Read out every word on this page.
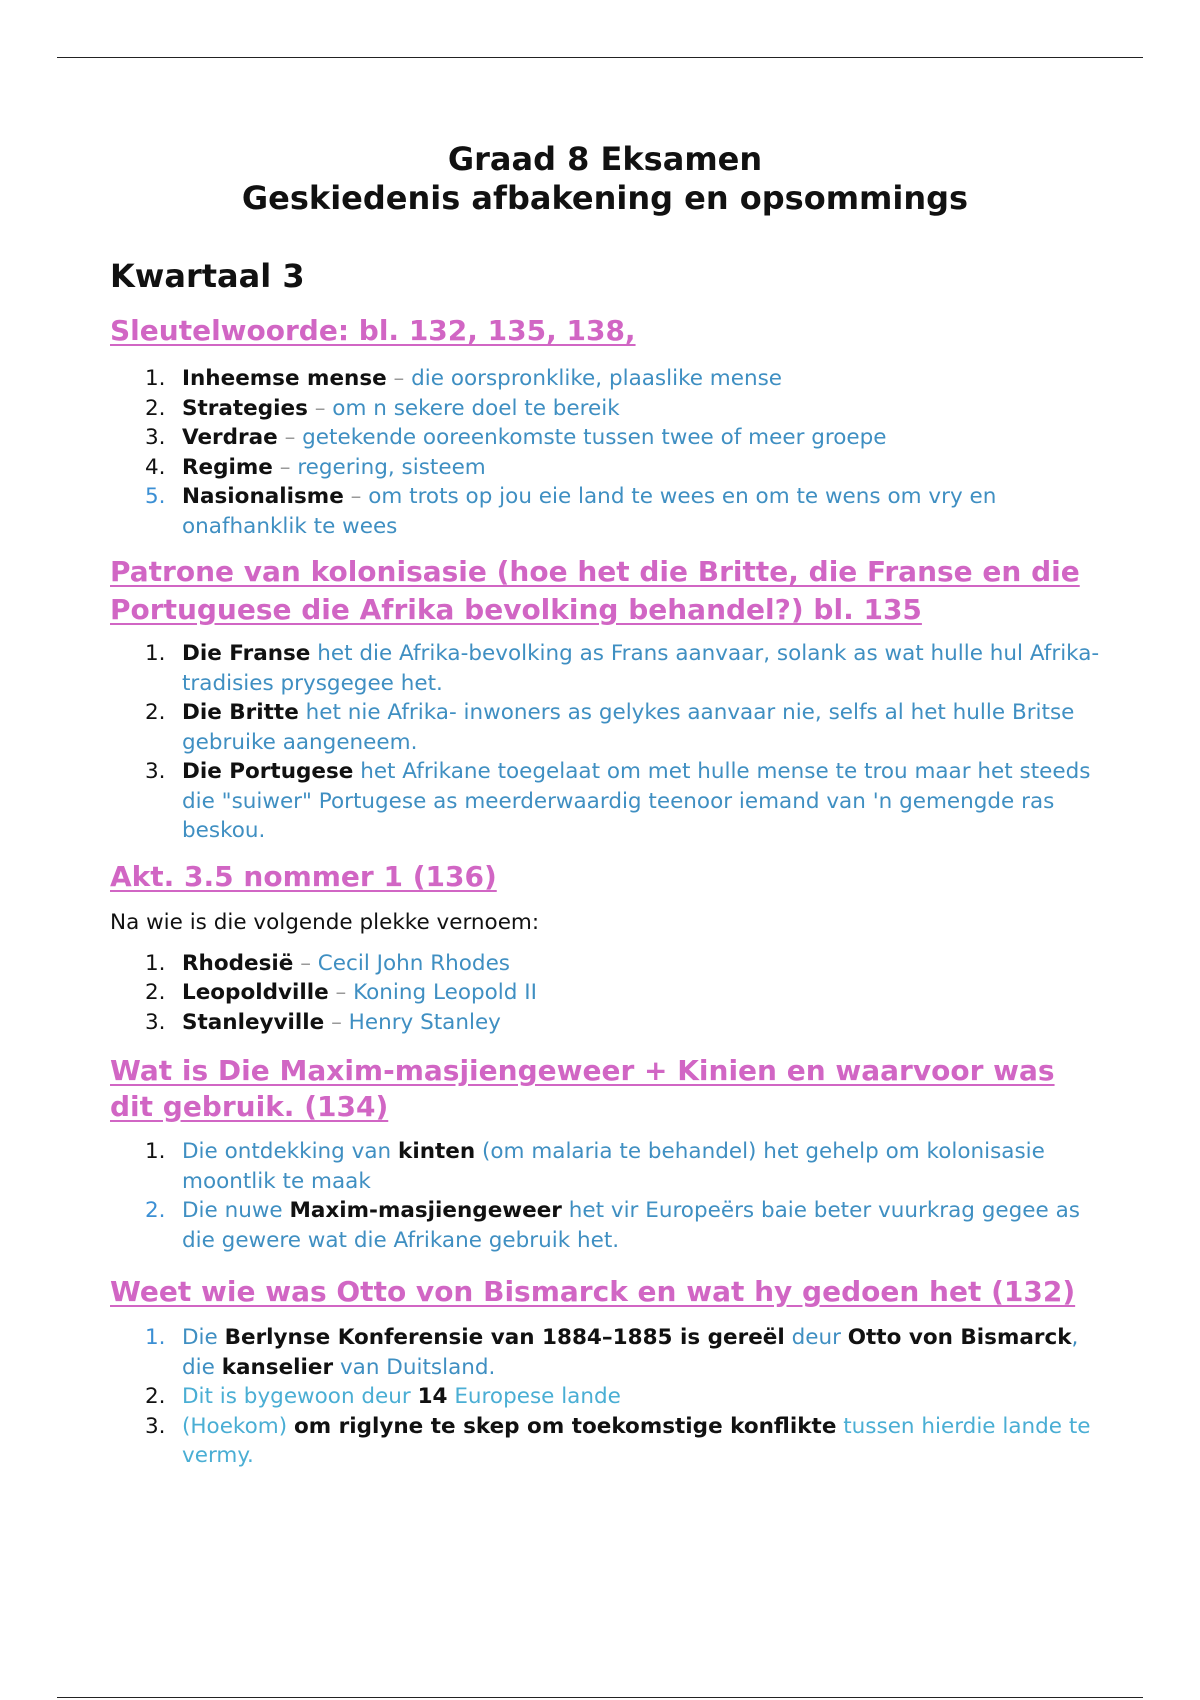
Graad 8 Eksamen
Geskiedenis afbakening en opsommings
Kwartaal 3
Sleutelwoorde: bl. 132, 135, 138,
1. Inheemse mense – die oorspronklike, plaaslike mense
2. Strategies – om n sekere doel te bereik
3. Verdrae – getekende ooreenkomste tussen twee of meer groepe
4. Regime – regering, sisteem
5. Nasionalisme – om trots op jou eie land te wees en om te wens om vry en onafhanklik te wees
Patrone van kolonisasie (hoe het die Britte, die Franse en die Portuguese die Afrika bevolking behandel?) bl. 135
1. Die Franse het die Afrika-bevolking as Frans aanvaar, solank as wat hulle hul Afrika-tradisies prysgegee het.
2. Die Britte het nie Afrika- inwoners as gelykes aanvaar nie, selfs al het hulle Britse gebruike aangeneem.
3. Die Portugese het Afrikane toegelaat om met hulle mense te trou maar het steeds die "suiwer" Portugese as meerderwaardig teenoor iemand van 'n gemengde ras beskou.
Akt. 3.5 nommer 1 (136)

Na wie is die volgende plekke vernoem:

1. Rhodesië – Cecil John Rhodes
2. Leopoldville – Koning Leopold II
3. Stanleyville – Henry Stanley
Wat is Die Maxim-masjiengeweer + Kinien en waarvoor was dit gebruik. (134)
1. Die ontdekking van kinten (om malaria te behandel) het gehelp om kolonisasie moontlik te maak
2. Die nuwe Maxim-masjiengeweer het vir Europeërs baie beter vuurkrag gegee as die gewere wat die Afrikane gebruik het.
Weet wie was Otto von Bismarck en wat hy gedoen het (132)
1. Die Berlynse Konferensie van 1884–1885 is gereël deur Otto von Bismarck, die kanselier van Duitsland.
2. Dit is bygewoon deur 14 Europese lande
3. (Hoekom) om riglyne te skep om toekomstige konflikte tussen hierdie lande te vermy.
